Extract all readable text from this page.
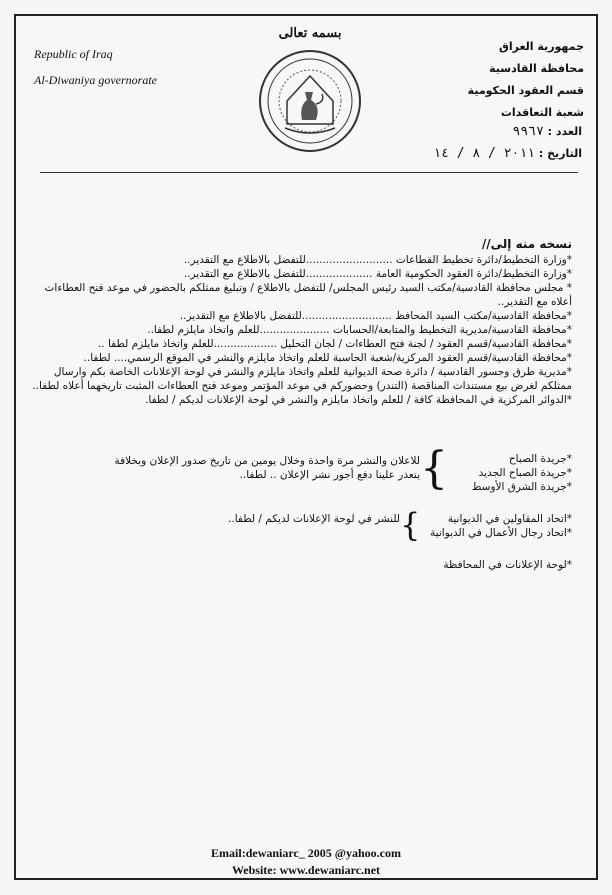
بسمه تعالى
Republic of Iraq
Al-Diwaniya governorate
جمهورية العراق
محافظة القادسية
قسم العقود الحكومية
شعبة التعاقدات
العدد : ٩٩٦٧
التاريخ : ٢٠١١ / ٨ / ١٤

نسخه منه إلى//

*وزارة التخطيط/دائرة تخطيط القطاعات ..........................للتفضل بالاطلاع مع التقدير..

*وزارة التخطيط/دائرة العقود الحكومية العامة ....................للتفضل بالاطلاع مع التقدير..

* مجلس محافظة القادسية/مكتب السيد رئيس المجلس/ للتفضل بالاطلاع / وتبليغ ممثلكم بالحضور في موعد فتح العطاءات أعلاه مع التقدير..

*محافظة القادسية/مكتب السيد المحافظ ...........................للتفضل بالاطلاع مع التقدير..

*محافظة القادسية/مديرية التخطيط والمتابعة/الحسابات .....................للعلم واتخاذ مايلزم لطفا..

*محافظة القادسية/قسم العقود / لجنة فتح العطاءات / لجان التحليل ...................للعلم واتخاذ مايلزم لطفا ..

*محافظة القادسية/قسم العقود المركزية/شعبة الحاسبة للعلم واتخاذ مايلزم والنشر في الموقع الرسمي.... لطفا..

*مديرية طرق وجسور القادسية / دائرة صحة الديوانية للعلم واتخاذ مايلزم والنشر في لوحة الإعلانات الخاصة بكم وارسال ممثلكم لغرض بيع مستندات المناقصة (التندر) وحضوركم في موعد المؤتمر وموعد فتح العطاءات المثبت تاريخهما أعلاه لطفا..

*الدوائر المركزية في المحافظة كافة / للعلم واتخاذ مايلزم والنشر في لوحة الإعلانات لديكم / لطفا.

*جريدة الصباح
*جريدة الصباح الجديد
*جريدة الشرق الأوسط
{
للاعلان والنشر مرة واحدة وخلال يومين من تاريخ صدور الإعلان وبخلافة يتعذر علينا دفع أجور نشر الإعلان .. لطفا..
*اتحاد المقاولين في الديوانية
*اتحاد رجال الأعمال في الديوانية
{
للنشر في لوحة الإعلانات لديكم / لطفا..
*لوحة الإعلانات في المحافظة
Email:dewaniarc_ 2005 @yahoo.com
Website: www.dewaniarc.net
